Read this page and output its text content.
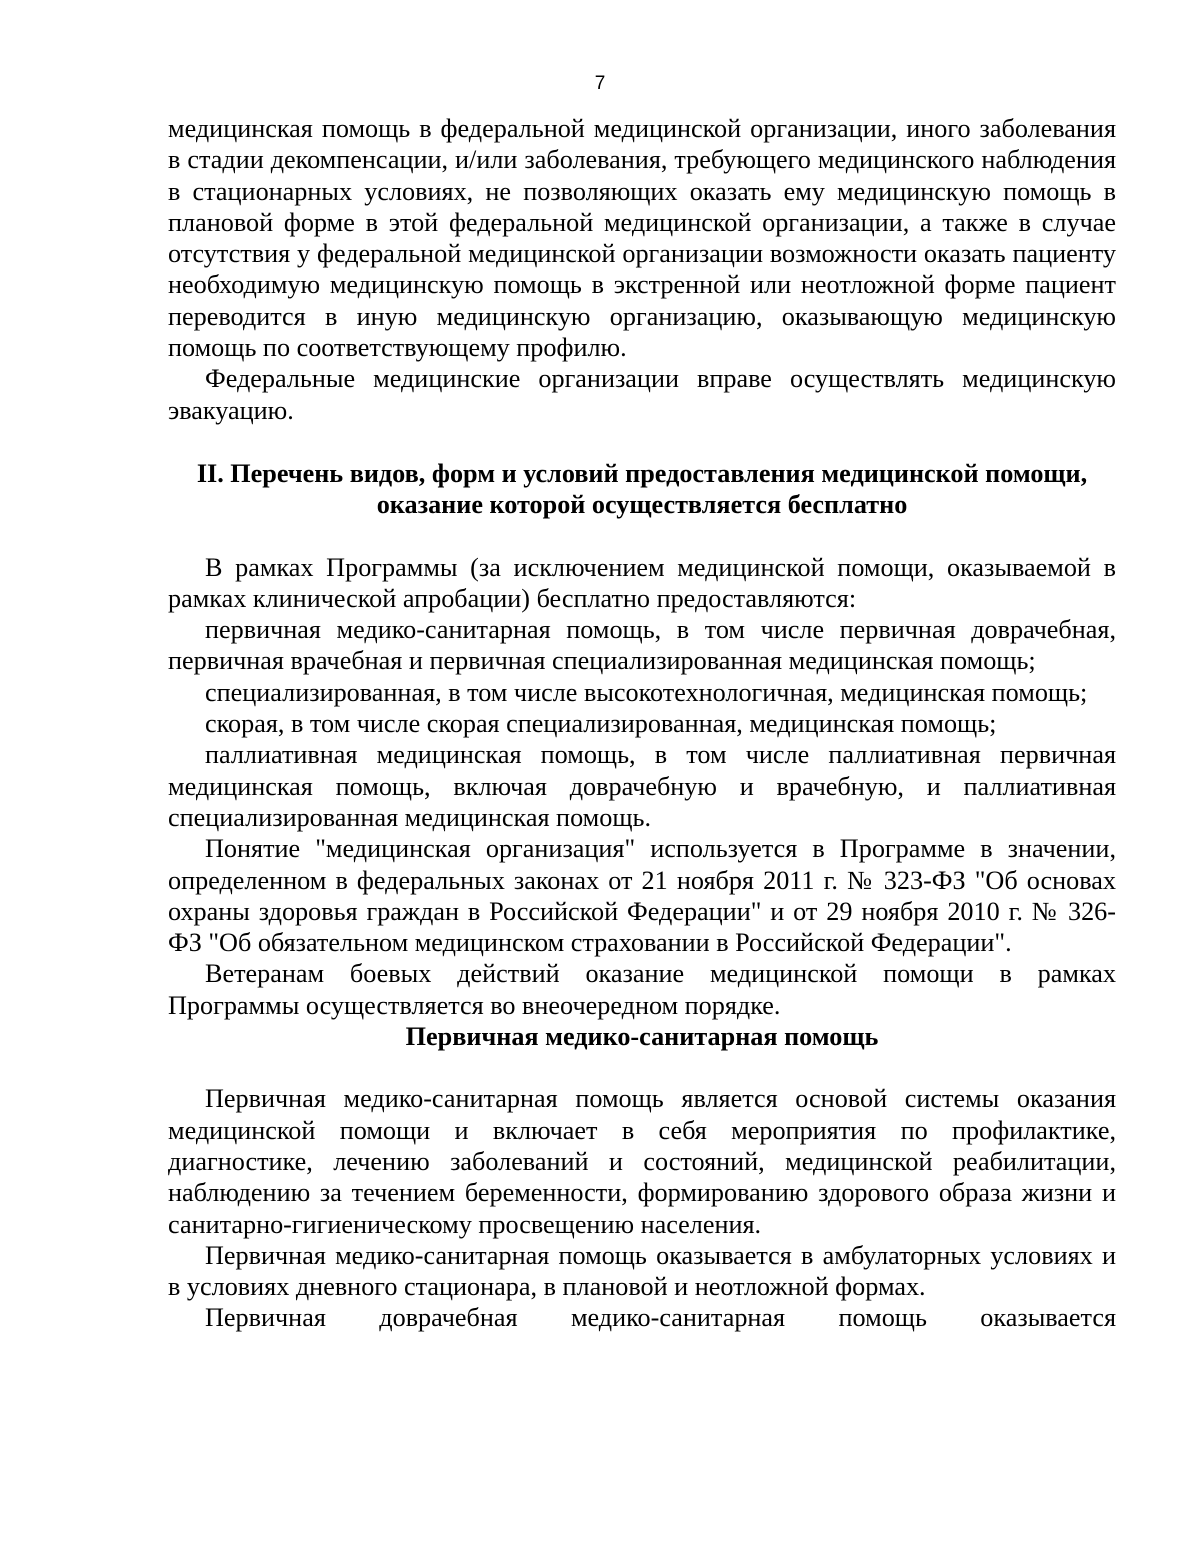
7

медицинская помощь в федеральной медицинской организации, иного заболевания в стадии декомпенсации, и/или заболевания, требующего медицинского наблюдения в стационарных условиях, не позволяющих оказать ему медицинскую помощь в плановой форме в этой федеральной медицинской организации, а также в случае отсутствия у федеральной медицинской организации возможности оказать пациенту необходимую медицинскую помощь в экстренной или неотложной форме пациент переводится в иную медицинскую организацию, оказывающую медицинскую помощь по соответствующему профилю.

Федеральные медицинские организации вправе осуществлять медицинскую эвакуацию.

II. Перечень видов, форм и условий предоставления медицинской помощи, оказание которой осуществляется бесплатно

В рамках Программы (за исключением медицинской помощи, оказываемой в рамках клинической апробации) бесплатно предоставляются:

первичная медико-санитарная помощь, в том числе первичная доврачебная, первичная врачебная и первичная специализированная медицинская помощь;

специализированная, в том числе высокотехнологичная, медицинская помощь;

скорая, в том числе скорая специализированная, медицинская помощь;

паллиативная медицинская помощь, в том числе паллиативная первичная медицинская помощь, включая доврачебную и врачебную, и паллиативная специализированная медицинская помощь.

Понятие "медицинская организация" используется в Программе в значении, определенном в федеральных законах от 21 ноября 2011 г. № 323-ФЗ "Об основах охраны здоровья граждан в Российской Федерации" и от 29 ноября 2010 г. № 326-ФЗ "Об обязательном медицинском страховании в Российской Федерации".

Ветеранам боевых действий оказание медицинской помощи в рамках Программы осуществляется во внеочередном порядке.

Первичная медико-санитарная помощь

Первичная медико-санитарная помощь является основой системы оказания медицинской помощи и включает в себя мероприятия по профилактике, диагностике, лечению заболеваний и состояний, медицинской реабилитации, наблюдению за течением беременности, формированию здорового образа жизни и санитарно-гигиеническому просвещению населения.

Первичная медико-санитарная помощь оказывается в амбулаторных условиях и в условиях дневного стационара, в плановой и неотложной формах.

Первичная доврачебная медико-санитарная помощь оказывается
